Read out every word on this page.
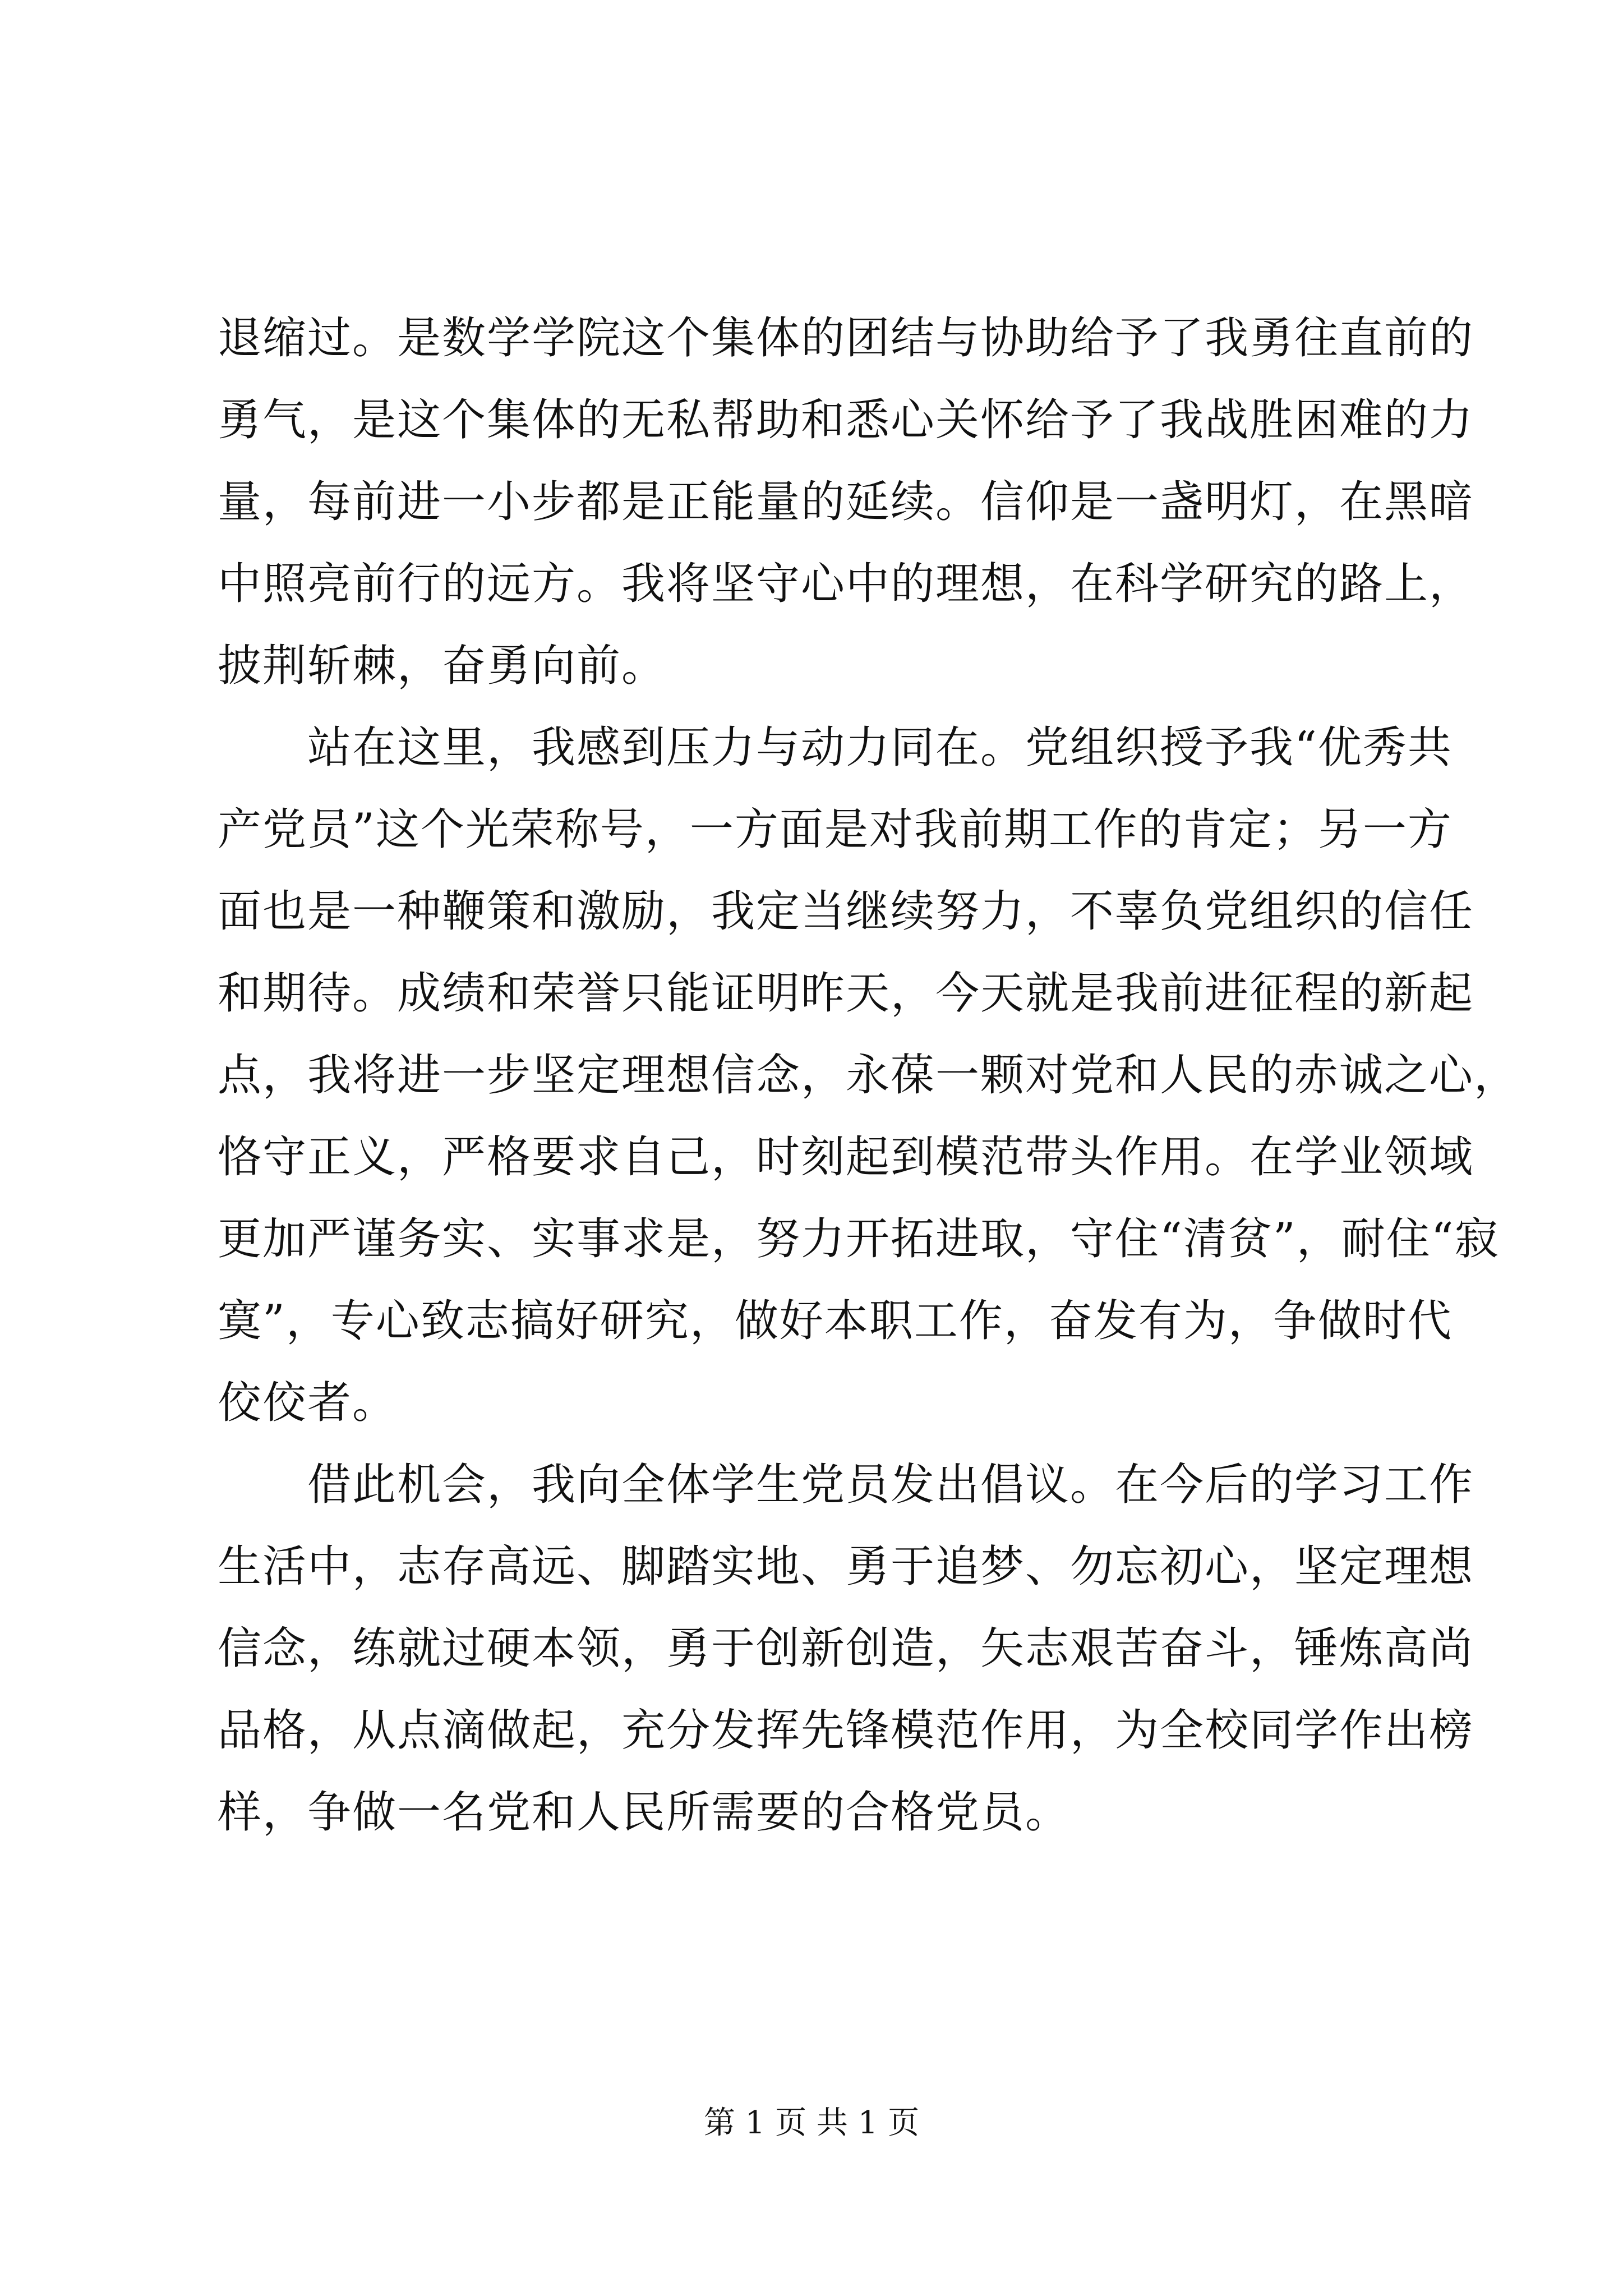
退缩过。是数学学院这个集体的团结与协助给予了我勇往直前的
勇气，是这个集体的无私帮助和悉心关怀给予了我战胜困难的力
量，每前进一小步都是正能量的延续。信仰是一盏明灯，在黑暗
中照亮前行的远方。我将坚守心中的理想，在科学研究的路上，
披荆斩棘，奋勇向前。
　　站在这里，我感到压力与动力同在。党组织授予我“优秀共
产党员”这个光荣称号，一方面是对我前期工作的肯定；另一方
面也是一种鞭策和激励，我定当继续努力，不辜负党组织的信任
和期待。成绩和荣誉只能证明昨天，今天就是我前进征程的新起
点，我将进一步坚定理想信念，永葆一颗对党和人民的赤诚之心，
恪守正义，严格要求自己，时刻起到模范带头作用。在学业领域
更加严谨务实、实事求是，努力开拓进取，守住“清贫”，耐住“寂
寞”，专心致志搞好研究，做好本职工作，奋发有为，争做时代
佼佼者。
　　借此机会，我向全体学生党员发出倡议。在今后的学习工作
生活中，志存高远、脚踏实地、勇于追梦、勿忘初心，坚定理想
信念，练就过硬本领，勇于创新创造，矢志艰苦奋斗，锤炼高尚
品格，从点滴做起，充分发挥先锋模范作用，为全校同学作出榜
样，争做一名党和人民所需要的合格党员。
第 1 页 共 1 页
